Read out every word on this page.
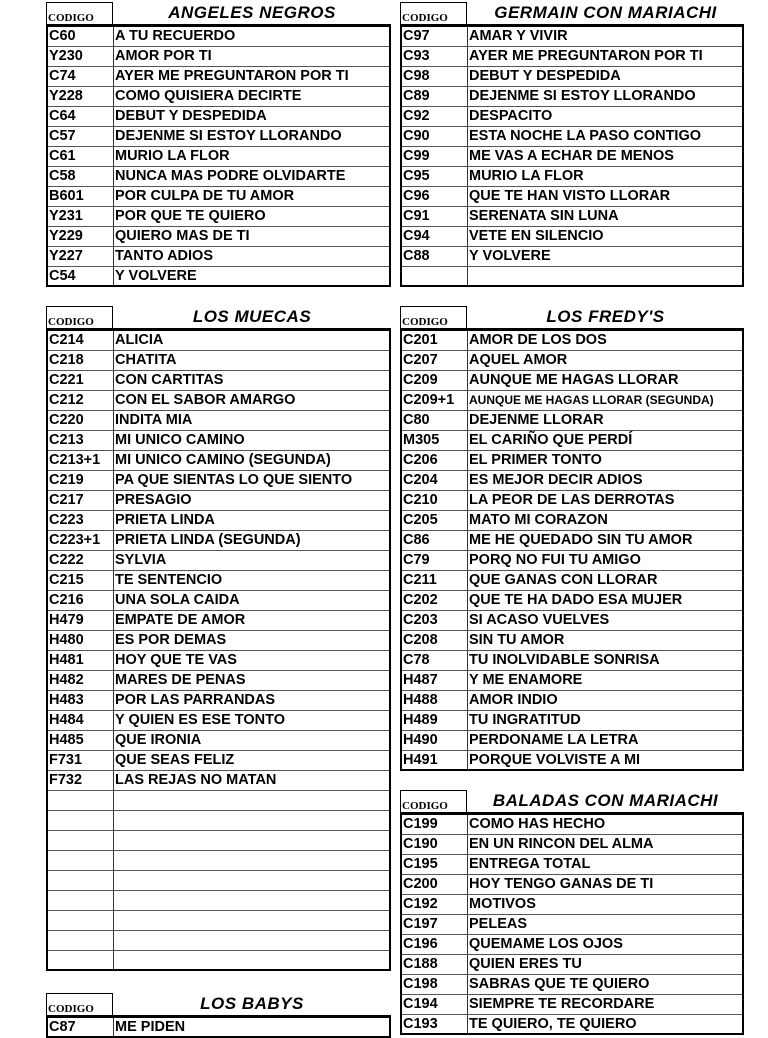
CODIGO	ANGELES NEGROS
C60	A TU RECUERDO
Y230	AMOR POR TI
C74	AYER ME PREGUNTARON POR TI
Y228	COMO QUISIERA DECIRTE
C64	DEBUT Y DESPEDIDA
C57	DEJENME SI ESTOY LLORANDO
C61	MURIO LA FLOR
C58	NUNCA MAS PODRE OLVIDARTE
B601	POR CULPA DE TU AMOR
Y231	POR QUE TE QUIERO
Y229	QUIERO MAS DE TI
Y227	TANTO ADIOS
C54	Y VOLVERE
CODIGO	GERMAIN CON MARIACHI
C97	AMAR Y VIVIR
C93	AYER ME PREGUNTARON POR TI
C98	DEBUT Y DESPEDIDA
C89	DEJENME SI ESTOY LLORANDO
C92	DESPACITO
C90	ESTA NOCHE LA PASO CONTIGO
C99	ME VAS A ECHAR DE MENOS
C95	MURIO LA FLOR
C96	QUE TE HAN VISTO LLORAR
C91	SERENATA SIN LUNA
C94	VETE EN SILENCIO
C88	Y VOLVERE
CODIGO	LOS MUECAS
C214	ALICIA
C218	CHATITA
C221	CON CARTITAS
C212	CON EL SABOR AMARGO
C220	INDITA MIA
C213	MI UNICO CAMINO
C213+1	MI UNICO CAMINO (SEGUNDA)
C219	PA QUE SIENTAS LO QUE SIENTO
C217	PRESAGIO
C223	PRIETA LINDA
C223+1	PRIETA LINDA (SEGUNDA)
C222	SYLVIA
C215	TE SENTENCIO
C216	UNA SOLA CAIDA
H479	EMPATE DE AMOR
H480	ES POR DEMAS
H481	HOY QUE TE VAS
H482	MARES DE PENAS
H483	POR LAS PARRANDAS
H484	Y QUIEN ES ESE TONTO
H485	QUE IRONIA
F731	QUE SEAS FELIZ
F732	LAS REJAS NO MATAN
CODIGO	LOS FREDY'S
C201	AMOR DE LOS DOS
C207	AQUEL AMOR
C209	AUNQUE ME HAGAS LLORAR
C209+1	AUNQUE ME HAGAS LLORAR (SEGUNDA)
C80	DEJENME LLORAR
M305	EL CARIÑO QUE PERDÍ
C206	EL PRIMER TONTO
C204	ES MEJOR DECIR ADIOS
C210	LA PEOR DE LAS DERROTAS
C205	MATO MI CORAZON
C86	ME HE QUEDADO SIN TU AMOR
C79	PORQ NO FUI TU AMIGO
C211	QUE GANAS CON LLORAR
C202	QUE TE HA DADO ESA MUJER
C203	SI ACASO VUELVES
C208	SIN TU AMOR
C78	TU INOLVIDABLE SONRISA
H487	Y ME ENAMORE
H488	AMOR INDIO
H489	TU INGRATITUD
H490	PERDONAME LA LETRA
H491	PORQUE VOLVISTE A MI
CODIGO	BALADAS CON MARIACHI
C199	COMO HAS HECHO
C190	EN UN RINCON DEL ALMA
C195	ENTREGA TOTAL
C200	HOY TENGO GANAS DE TI
C192	MOTIVOS
C197	PELEAS
C196	QUEMAME LOS OJOS
C188	QUIEN ERES TU
C198	SABRAS QUE TE QUIERO
C194	SIEMPRE TE RECORDARE
C193	TE QUIERO, TE QUIERO
CODIGO	LOS BABYS
C87	ME PIDEN
